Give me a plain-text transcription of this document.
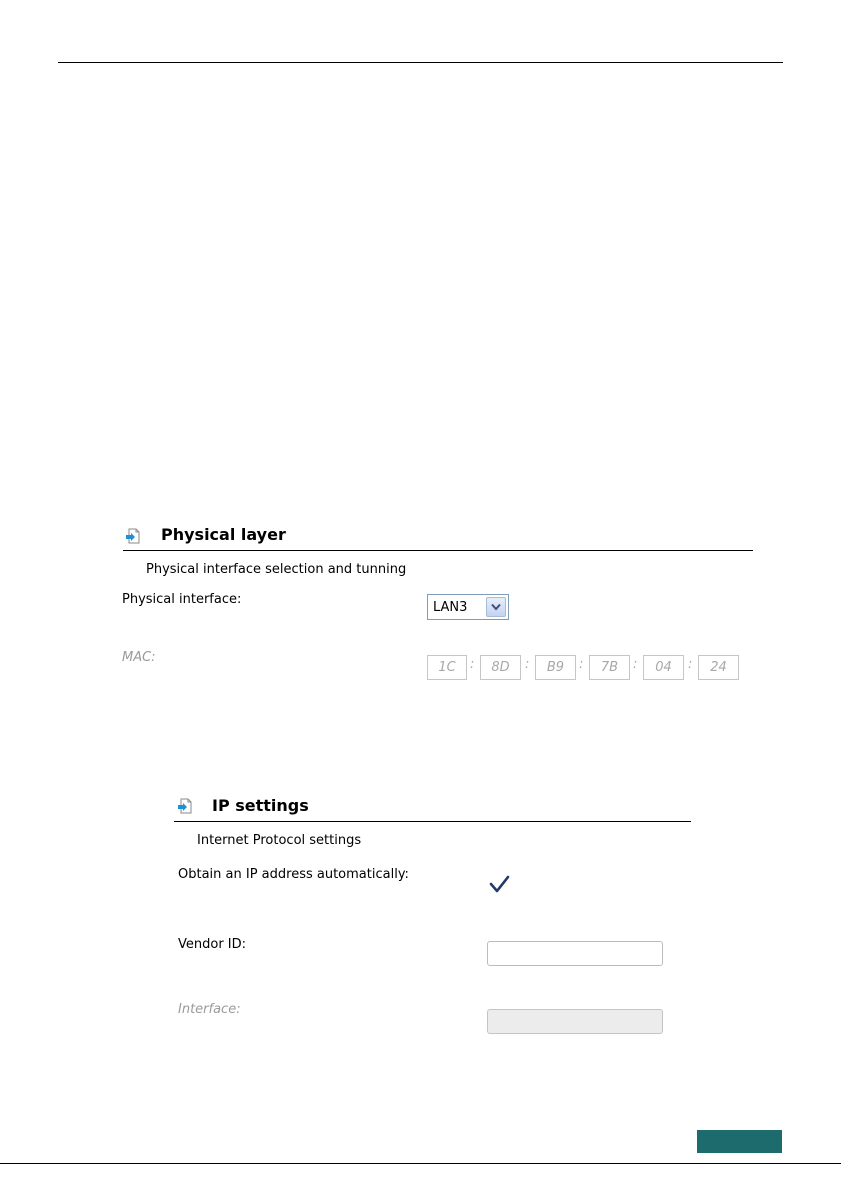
Physical layer
Physical interface selection and tunning
Physical interface:	LAN3
MAC:
1C	:	8D	:	B9	:	7B	:	04	:	24
IP settings
Internet Protocol settings
Obtain an IP address automatically:
Vendor ID:
Interface:
